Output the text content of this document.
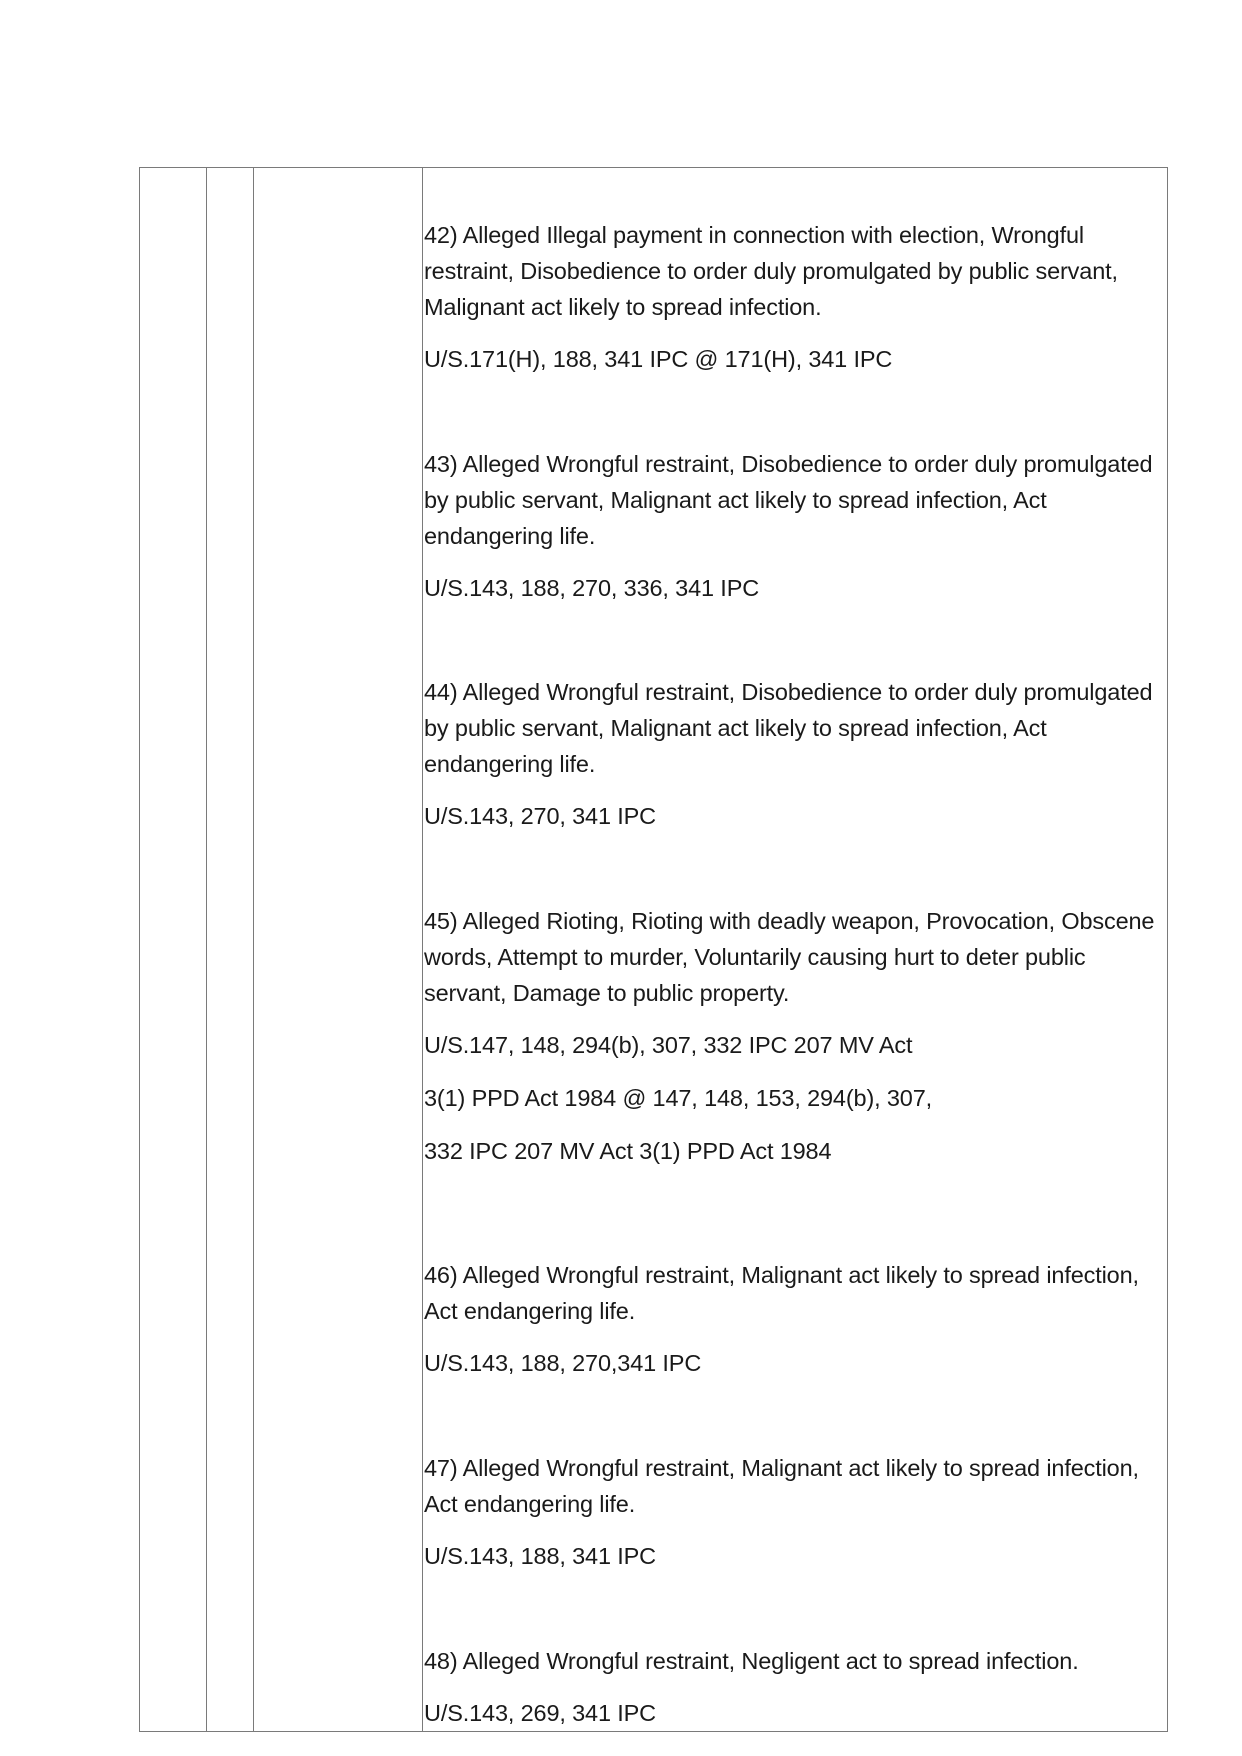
42) Alleged Illegal payment in connection with election, Wrongful restraint, Disobedience to order duly promulgated by public servant, Malignant act likely to spread infection.

U/S.171(H), 188, 341 IPC @ 171(H), 341 IPC

43) Alleged Wrongful restraint, Disobedience to order duly promulgated by public servant, Malignant act likely to spread infection, Act endangering life.

U/S.143, 188, 270, 336, 341 IPC

44) Alleged Wrongful restraint, Disobedience to order duly promulgated by public servant, Malignant act likely to spread infection, Act endangering life.

U/S.143, 270, 341 IPC

45) Alleged Rioting, Rioting with deadly weapon, Provocation, Obscene words, Attempt to murder, Voluntarily causing hurt to deter public servant, Damage to public property.

U/S.147, 148, 294(b), 307, 332 IPC 207 MV Act

3(1) PPD Act 1984 @ 147, 148, 153, 294(b), 307,

332 IPC 207 MV Act 3(1) PPD Act 1984

46) Alleged Wrongful restraint, Malignant act likely to spread infection, Act endangering life.

U/S.143, 188, 270,341 IPC

47) Alleged Wrongful restraint, Malignant act likely to spread infection, Act endangering life.

U/S.143, 188, 341 IPC

48) Alleged Wrongful restraint, Negligent act to spread infection.

U/S.143, 269, 341 IPC
